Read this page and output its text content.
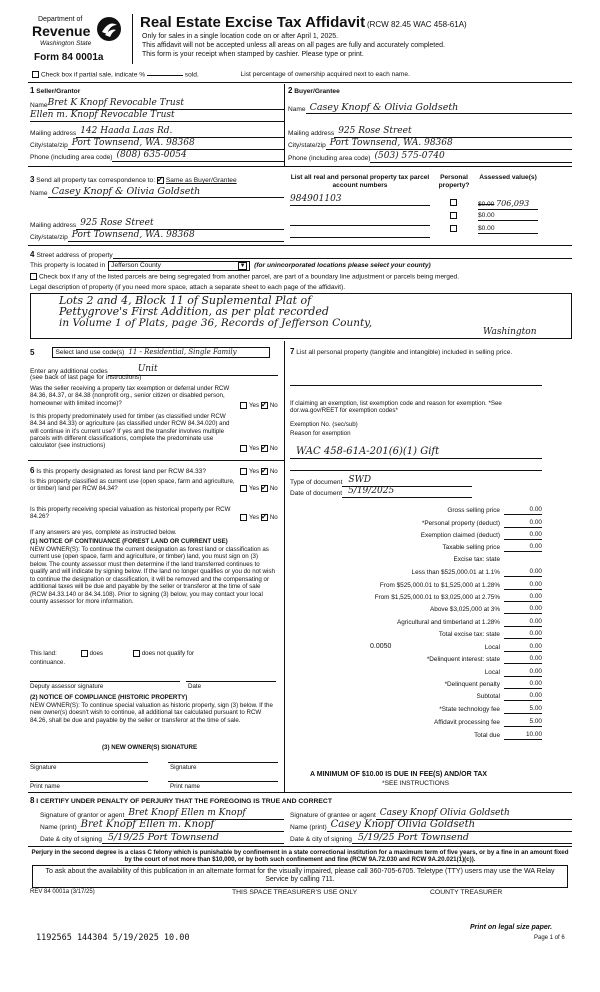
Department of
Revenue
Washington State
Form 84 0001a
Real Estate Excise Tax Affidavit (RCW 82.45 WAC 458-61A)
Only for sales in a single location code on or after April 1, 2025.
This affidavit will not be accepted unless all areas on all pages are fully and accurately completed.
This form is your receipt when stamped by cashier. Please type or print.
Check box if partial sale, indicate %	sold.	List percentage of ownership acquired next to each name.
1 Seller/Grantor
Name Bret K Knopf Revocable Trust
Ellen m. Knopf Revocable Trust
Mailing address 142 Haada Laas Rd.
City/state/zip Port Townsend, WA. 98368
Phone (including area code) (808) 635-0054
2 Buyer/Grantee
Name Casey Knopf & Olivia Goldseth
Mailing address 925 Rose Street
City/state/zip Port Townsend, WA. 98368
Phone (including area code) (503) 575-0740
3 Send all property tax correspondence to: ✓ Same as Buyer/Grantee
Name Casey Knopf & Olivia Goldseth
Mailing address 925 Rose Street
City/state/zip Port Townsend, WA. 98368
List all real and personal property tax parcel account numbers
Personal property?
Assessed value(s)
984901103
$0.00 706,093
$0.00
$0.00
4 Street address of property
This property is located in Jefferson County	▼ (for unincorporated locations please select your county)
Check box if any of the listed parcels are being segregated from another parcel, are part of a boundary line adjustment or parcels being merged.
Legal description of property (if you need more space, attach a separate sheet to each page of the affidavit).
Lots 2 and 4, Block 11 of Suplemental Plat of
Pettygrove's First Addition, as per plat recorded
in Volume 1 of Plats, page 36, Records of Jefferson County,
Washington
5	Select land use code(s) 11 - Residential, Single Family
Enter any additional codes	Unit
(see back of last page for instructions)
Was the seller receiving a property tax exemption or deferral under RCW 84.36, 84.37, or 84.38 (nonprofit org., senior citizen or disabled person, homeowner with limited income)?	Yes ✓ No
Is this property predominately used for timber (as classified under RCW 84.34 and 84.33) or agriculture (as classified under RCW 84.34.020) and will continue in it's current use? If yes and the transfer involves multiple parcels with different classifications, complete the predominate use calculator (see instructions)	Yes ✓ No
6 Is this property designated as forest land per RCW 84.33?	Yes ✓ No
Is this property classified as current use (open space, farm and agriculture, or timber) land per RCW 84.34?	Yes ✓ No
Is this property receiving special valuation as historical property per RCW 84.26?	Yes ✓ No
If any answers are yes, complete as instructed below.
(1) NOTICE OF CONTINUANCE (FOREST LAND OR CURRENT USE)
NEW OWNER(S): To continue the current designation as forest land or classification as current use (open space, farm and agriculture, or timber) land, you must sign on (3) below. The county assessor must then determine if the land transferred continues to qualify and will indicate by signing below. If the land no longer qualifies or you do not wish to continue the designation or classification, it will be removed and the compensating or additional taxes will be due and payable by the seller or transferor at the time of sale (RCW 84.33.140 or 84.34.108). Prior to signing (3) below, you may contact your local county assessor for more information.
This land:	does	does not qualify for
continuance.
Deputy assessor signature	Date
(2) NOTICE OF COMPLIANCE (HISTORIC PROPERTY)
NEW OWNER(S): To continue special valuation as historic property, sign (3) below. If the new owner(s) doesn't wish to continue, all additional tax calculated pursuant to RCW 84.26, shall be due and payable by the seller or transferor at the time of sale.
(3) NEW OWNER(S) SIGNATURE
Signature	Signature
Print name	Print name
7 List all personal property (tangible and intangible) included in selling price.
If claiming an exemption, list exemption code and reason for exemption. *See dor.wa.gov/REET for exemption codes*
Exemption No. (sec/sub)
Reason for exemption
WAC 458-61A-201(6)(1) Gift
Type of document SWD
Date of document 5/19/2025
Gross selling price	0.00
*Personal property (deduct)	0.00
Exemption claimed (deduct)	0.00
Taxable selling price	0.00
Excise tax: state
Less than $525,000.01 at 1.1%	0.00
From $525,000.01 to $1,525,000 at 1.28%	0.00
From $1,525,000.01 to $3,025,000 at 2.75%	0.00
Above $3,025,000 at 3%	0.00
Agricultural and timberland at 1.28%	0.00
Total excise tax: state	0.00
Local	0.00
0.0050
*Delinquent interest: state	0.00
Local	0.00
*Delinquent penalty	0.00
Subtotal	0.00
*State technology fee	5.00
Affidavit processing fee	5.00
Total due	10.00
A MINIMUM OF $10.00 IS DUE IN FEE(S) AND/OR TAX
*SEE INSTRUCTIONS
8 I CERTIFY UNDER PENALTY OF PERJURY THAT THE FOREGOING IS TRUE AND CORRECT
Signature of grantor or agent Bret Knopf Ellen m Knopf
Name (print) Bret Knopf Ellen m. Knopf
Date & city of signing 5/19/25 Port Townsend
Signature of grantee or agent Casey Knopf Olivia Goldseth
Name (print) Casey Knopf Olivia Goldseth
Date & city of signing 5/19/25 Port Townsend
Perjury in the second degree is a class C felony which is punishable by confinement in a state correctional institution for a maximum term of five years, or by a fine in an amount fixed by the court of not more than $10,000, or by both such confinement and fine (RCW 9A.72.030 and RCW 9A.20.021(1)(c)).
To ask about the availability of this publication in an alternate format for the visually impaired, please call 360-705-6705. Teletype (TTY) users may use the WA Relay Service by calling 711.
REV 84 0001a (3/17/25)	THIS SPACE TREASURER'S USE ONLY	COUNTY TREASURER
1192565 144304 5/19/2025 10.00
Print on legal size paper.
Page 1 of 6
